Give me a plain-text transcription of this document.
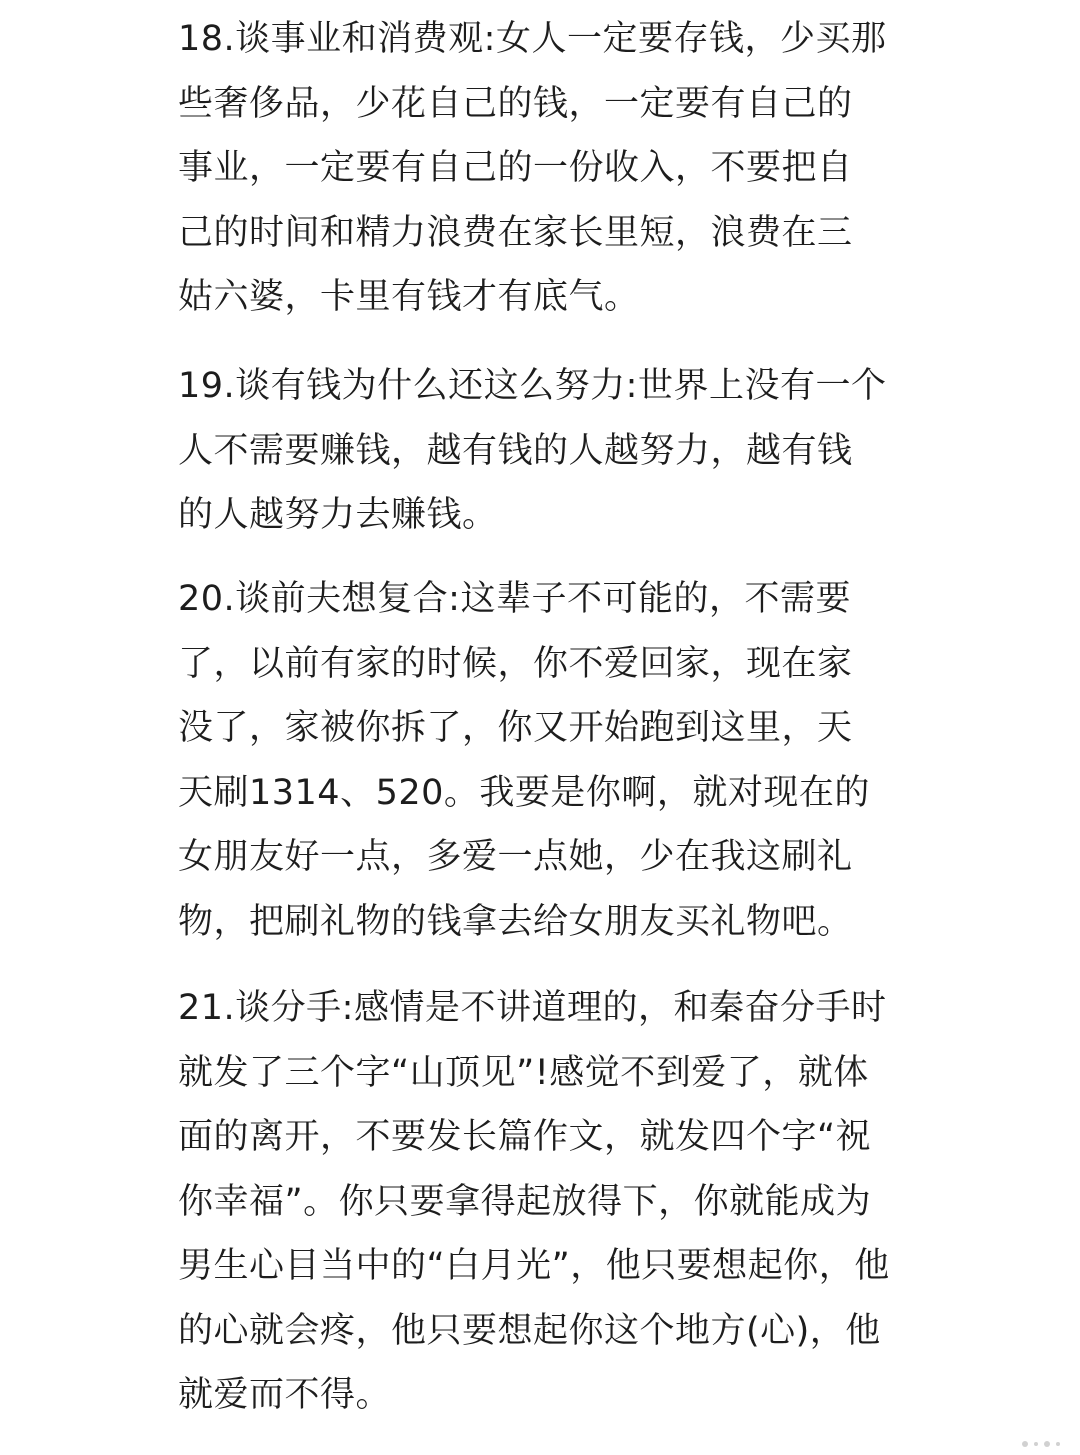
18.谈事业和消费观:女人一定要存钱，少买那
些奢侈品，少花自己的钱，一定要有自己的
事业，一定要有自己的一份收入，不要把自
己的时间和精力浪费在家长里短，浪费在三
姑六婆，卡里有钱才有底气。

19.谈有钱为什么还这么努力:世界上没有一个
人不需要赚钱，越有钱的人越努力，越有钱
的人越努力去赚钱。

20.谈前夫想复合:这辈子不可能的，不需要
了，以前有家的时候，你不爱回家，现在家
没了，家被你拆了，你又开始跑到这里，天
天刷1314、520。我要是你啊，就对现在的
女朋友好一点，多爱一点她，少在我这刷礼
物，把刷礼物的钱拿去给女朋友买礼物吧。

21.谈分手:感情是不讲道理的，和秦奋分手时
就发了三个字“山顶见”!感觉不到爱了，就体
面的离开，不要发长篇作文，就发四个字“祝
你幸福”。你只要拿得起放得下，你就能成为
男生心目当中的“白月光”，他只要想起你，他
的心就会疼，他只要想起你这个地方(心)，他
就爱而不得。
